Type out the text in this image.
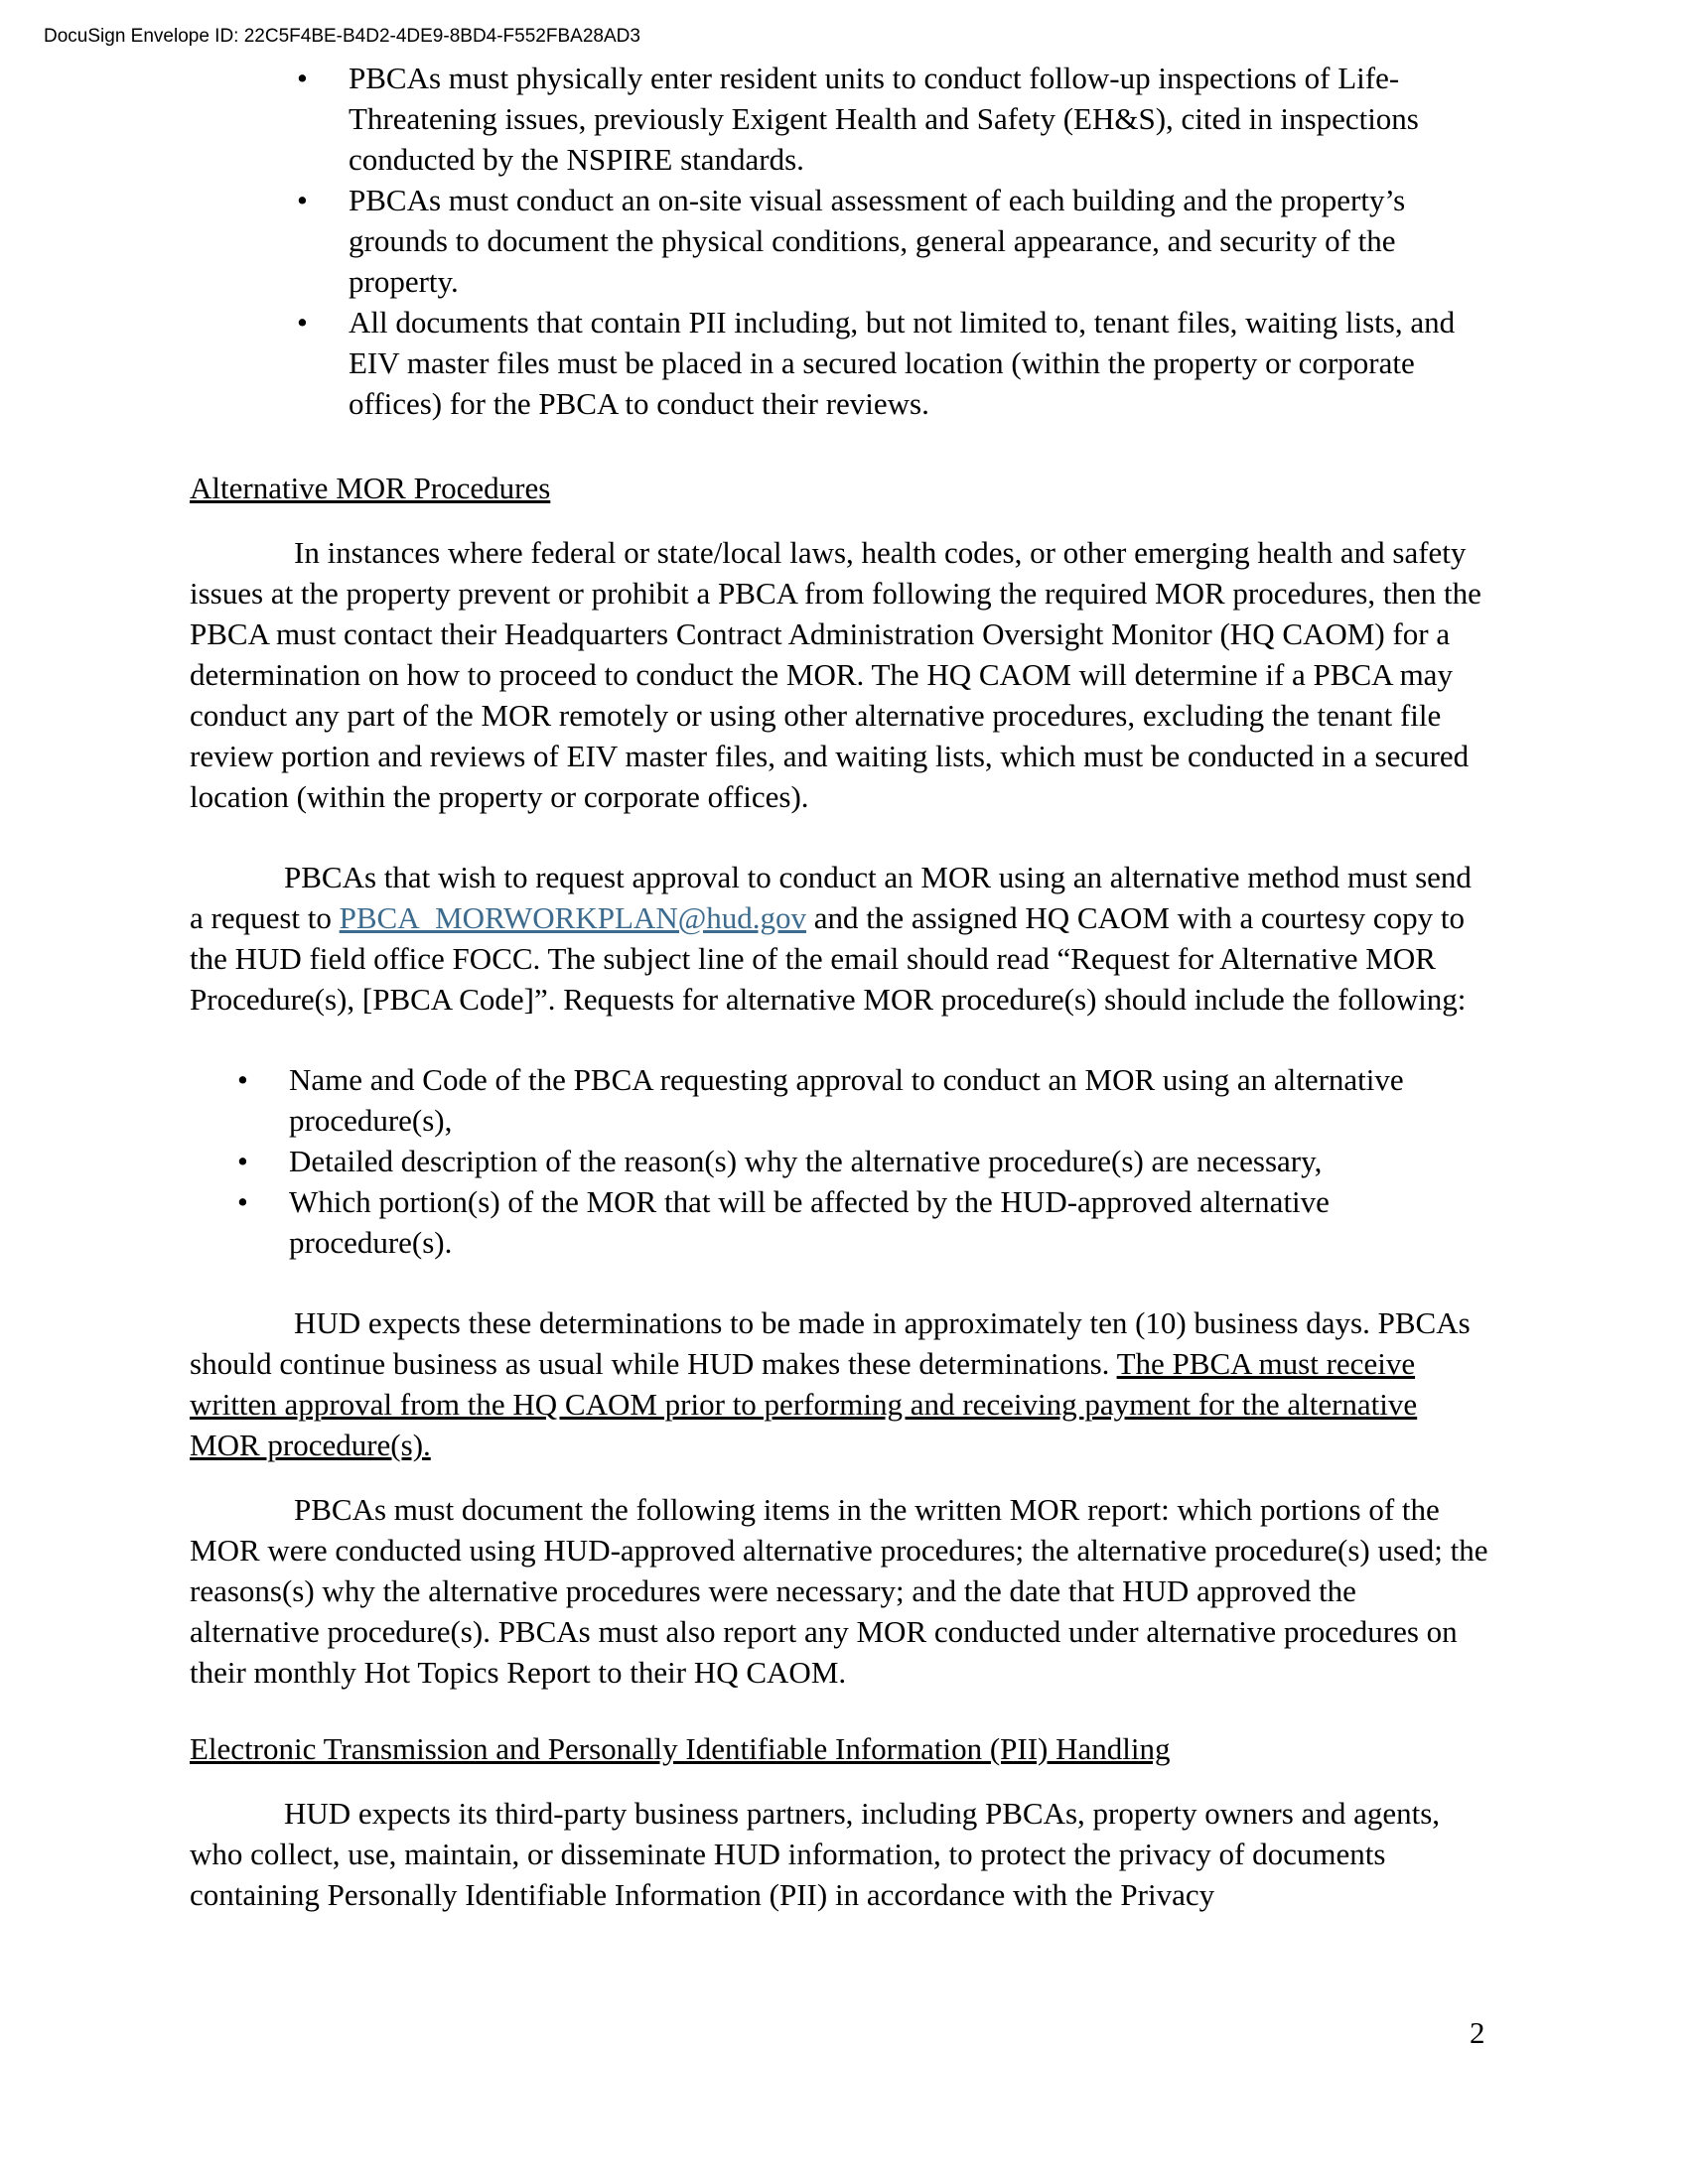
DocuSign Envelope ID: 22C5F4BE-B4D2-4DE9-8BD4-F552FBA28AD3
• PBCAs must physically enter resident units to conduct follow-up inspections of Life-Threatening issues, previously Exigent Health and Safety (EH&S), cited in inspections conducted by the NSPIRE standards.
• PBCAs must conduct an on-site visual assessment of each building and the property’s grounds to document the physical conditions, general appearance, and security of the property.
• All documents that contain PII including, but not limited to, tenant files, waiting lists, and EIV master files must be placed in a secured location (within the property or corporate offices) for the PBCA to conduct their reviews.

Alternative MOR Procedures

In instances where federal or state/local laws, health codes, or other emerging health and safety issues at the property prevent or prohibit a PBCA from following the required MOR procedures, then the PBCA must contact their Headquarters Contract Administration Oversight Monitor (HQ CAOM) for a determination on how to proceed to conduct the MOR. The HQ CAOM will determine if a PBCA may conduct any part of the MOR remotely or using other alternative procedures, excluding the tenant file review portion and reviews of EIV master files, and waiting lists, which must be conducted in a secured location (within the property or corporate offices).

PBCAs that wish to request approval to conduct an MOR using an alternative method must send a request to PBCA_MORWORKPLAN@hud.gov and the assigned HQ CAOM with a courtesy copy to the HUD field office FOCC. The subject line of the email should read “Request for Alternative MOR Procedure(s), [PBCA Code]”. Requests for alternative MOR procedure(s) should include the following:

• Name and Code of the PBCA requesting approval to conduct an MOR using an alternative procedure(s),
• Detailed description of the reason(s) why the alternative procedure(s) are necessary,
• Which portion(s) of the MOR that will be affected by the HUD-approved alternative procedure(s).

HUD expects these determinations to be made in approximately ten (10) business days. PBCAs should continue business as usual while HUD makes these determinations. The PBCA must receive written approval from the HQ CAOM prior to performing and receiving payment for the alternative MOR procedure(s).

PBCAs must document the following items in the written MOR report: which portions of the MOR were conducted using HUD-approved alternative procedures; the alternative procedure(s) used; the reasons(s) why the alternative procedures were necessary; and the date that HUD approved the alternative procedure(s). PBCAs must also report any MOR conducted under alternative procedures on their monthly Hot Topics Report to their HQ CAOM.

Electronic Transmission and Personally Identifiable Information (PII) Handling

HUD expects its third-party business partners, including PBCAs, property owners and agents, who collect, use, maintain, or disseminate HUD information, to protect the privacy of documents containing Personally Identifiable Information (PII) in accordance with the Privacy

2
